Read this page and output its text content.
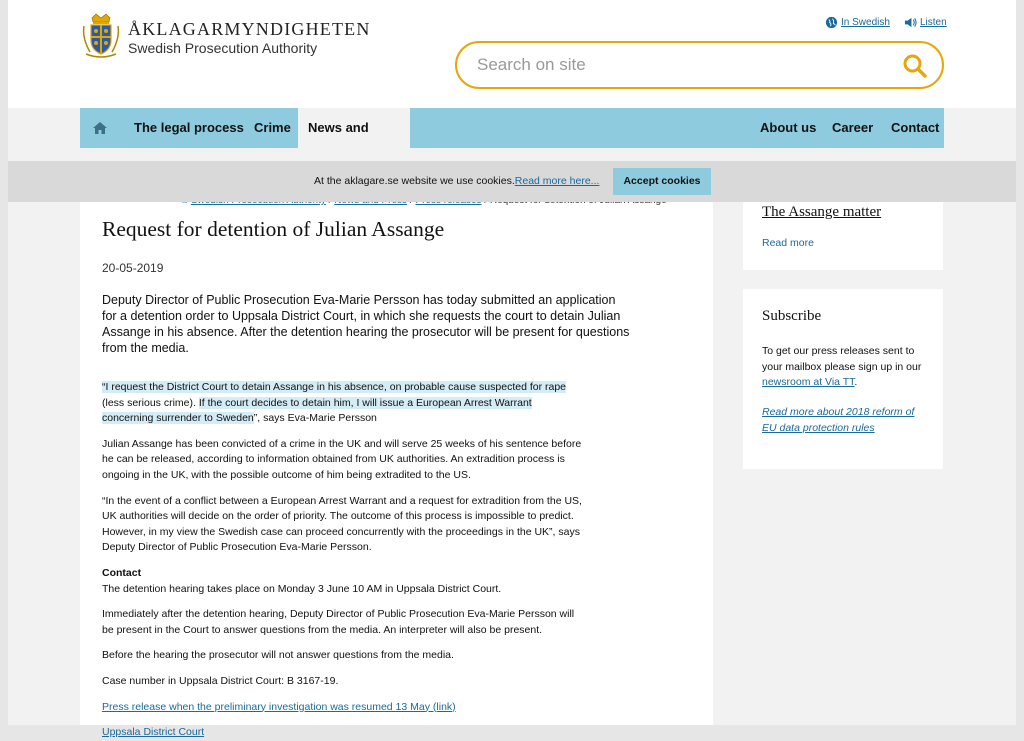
ÅKLAGARMYNDIGHETEN
Swedish Prosecution Authority
In Swedish	Listen
Search on site
The legal process Crime	News and	About us	Career	Contact
Request for detention of Julian Assange
20-05-2019
Deputy Director of Public Prosecution Eva-Marie Persson has today submitted an application for a detention order to Uppsala District Court, in which she requests the court to detain Julian Assange in his absence. After the detention hearing the prosecutor will be present for questions from the media.

“I request the District Court to detain Assange in his absence, on probable cause suspected for rape
(less serious crime). If the court decides to detain him, I will issue a European Arrest Warrant concerning surrender to Sweden”, says Eva-Marie Persson

Julian Assange has been convicted of a crime in the UK and will serve 25 weeks of his sentence before he can be released, according to information obtained from UK authorities. An extradition process is ongoing in the UK, with the possible outcome of him being extradited to the US.

“In the event of a conflict between a European Arrest Warrant and a request for extradition from the US, UK authorities will decide on the order of priority. The outcome of this process is impossible to predict. However, in my view the Swedish case can proceed concurrently with the proceedings in the UK”, says Deputy Director of Public Prosecution Eva-Marie Persson.

Contact

The detention hearing takes place on Monday 3 June 10 AM in Uppsala District Court.

Immediately after the detention hearing, Deputy Director of Public Prosecution Eva-Marie Persson will be present in the Court to answer questions from the media. An interpreter will also be present.

Before the hearing the prosecutor will not answer questions from the media.

Case number in Uppsala District Court: B 3167-19.

Press release when the preliminary investigation was resumed 13 May (link)

Uppsala District Court

The Assange matter
Read more
Subscribe
To get our press releases sent to your mailbox please sign up in our newsroom at Via TT.
Read more about 2018 reform of EU data protection rules
At the aklagare.se website we use cookies.Read more here...	Accept cookies
